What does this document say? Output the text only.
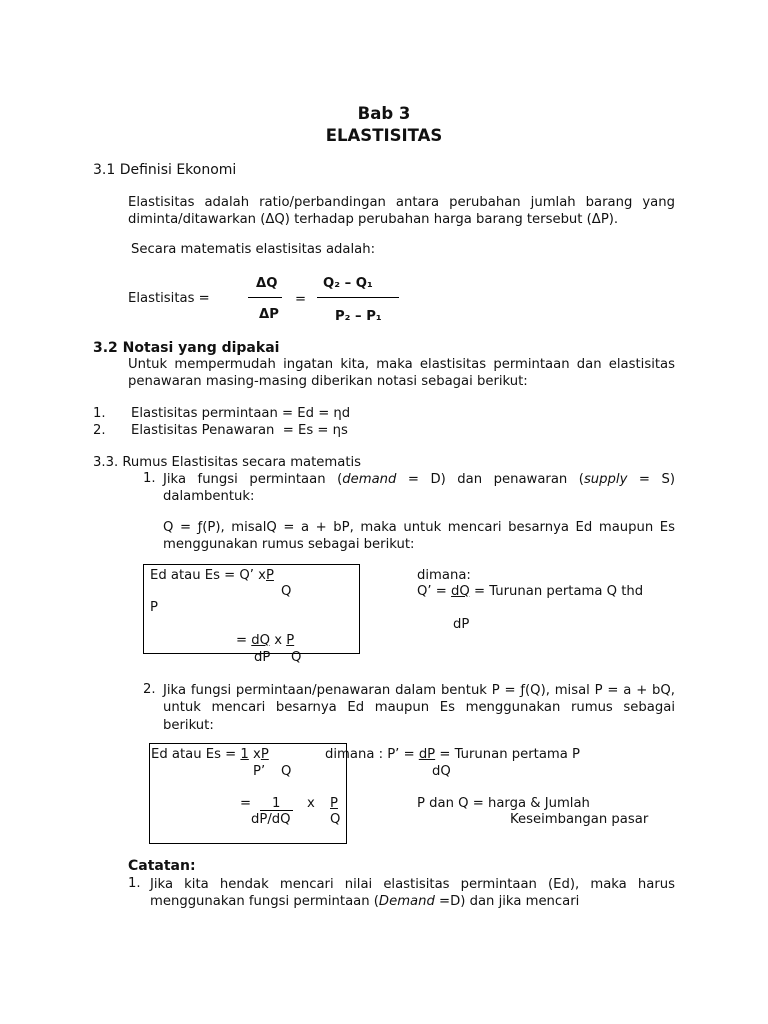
Bab 3
ELASTISITAS
3.1 Definisi Ekonomi
Elastisitas adalah ratio/perbandingan antara perubahan jumlah barang yang diminta/ditawarkan (ΔQ) terhadap perubahan harga barang tersebut (ΔP).
Secara matematis elastisitas adalah:
Elastisitas =
ΔQ
ΔP
=
Q₂ – Q₁
P₂ – P₁
3.2 Notasi yang dipakai
Untuk mempermudah ingatan kita, maka elastisitas permintaan dan elastisitas penawaran masing-masing diberikan notasi sebagai berikut:
1. Elastisitas permintaan = Ed = ηd
2. Elastisitas Penawaran  = Es = ηs
3.3. Rumus Elastisitas secara matematis
1. Jika fungsi permintaan (demand = D) dan penawaran (supply = S) dalambentuk:
Q = ƒ(P), misalQ = a + bP, maka untuk mencari besarnya Ed maupun Es menggunakan rumus sebagai berikut:
Ed atau Es = Q’ xP
Q
P
= dQ x P
dP Q
dimana:
Q’ = dQ = Turunan pertama Q thd
dP
2. Jika fungsi permintaan/penawaran dalam bentuk P = ƒ(Q), misal P = a + bQ, untuk mencari besarnya Ed maupun Es menggunakan rumus sebagai berikut:
Ed atau Es = 1 xP	dimana : P’ = dP = Turunan pertama P
P’ Q	dQ
= 1 x P	P dan Q = harga & Jumlah
dP/dQ	Q	Keseimbangan pasar
Catatan:
1. Jika kita hendak mencari nilai elastisitas permintaan (Ed), maka harus menggunakan fungsi permintaan (Demand =D) dan jika mencari
